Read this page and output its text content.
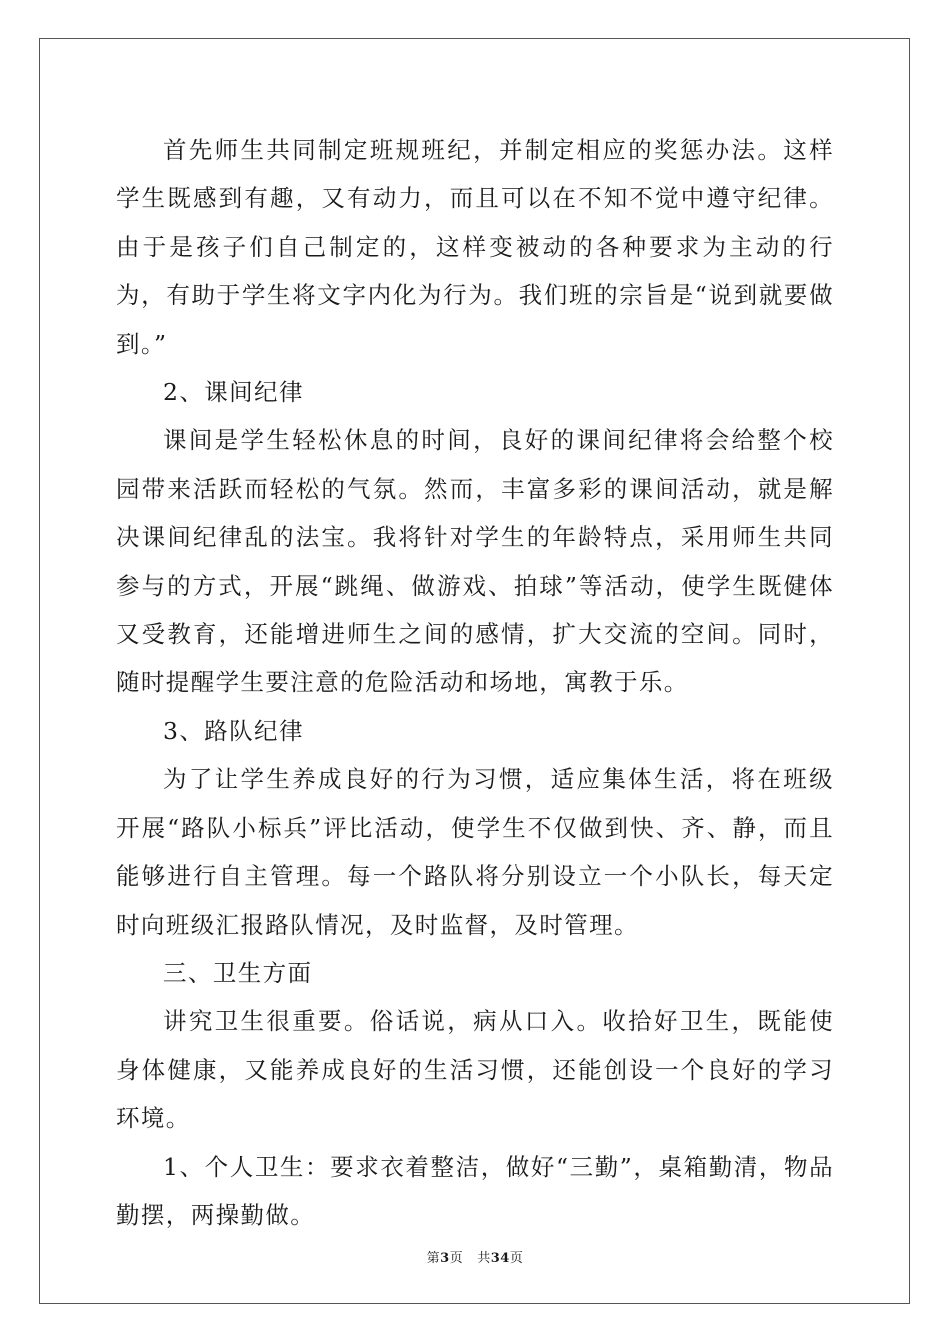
首先师生共同制定班规班纪，并制定相应的奖惩办法。这样学生既感到有趣，又有动力，而且可以在不知不觉中遵守纪律。由于是孩子们自己制定的，这样变被动的各种要求为主动的行为，有助于学生将文字内化为行为。我们班的宗旨是“说到就要做到。”

2、课间纪律

课间是学生轻松休息的时间，良好的课间纪律将会给整个校园带来活跃而轻松的气氛。然而，丰富多彩的课间活动，就是解决课间纪律乱的法宝。我将针对学生的年龄特点，采用师生共同参与的方式，开展“跳绳、做游戏、拍球”等活动，使学生既健体又受教育，还能增进师生之间的感情，扩大交流的空间。同时，随时提醒学生要注意的危险活动和场地，寓教于乐。

3、路队纪律

为了让学生养成良好的行为习惯，适应集体生活，将在班级开展“路队小标兵”评比活动，使学生不仅做到快、齐、静，而且能够进行自主管理。每一个路队将分别设立一个小队长，每天定时向班级汇报路队情况，及时监督，及时管理。

三、卫生方面

讲究卫生很重要。俗话说，病从口入。收拾好卫生，既能使身体健康，又能养成良好的生活习惯，还能创设一个良好的学习环境。

1、个人卫生：要求衣着整洁，做好“三勤”，桌箱勤清，物品勤摆，两操勤做。

第3页 共34页
